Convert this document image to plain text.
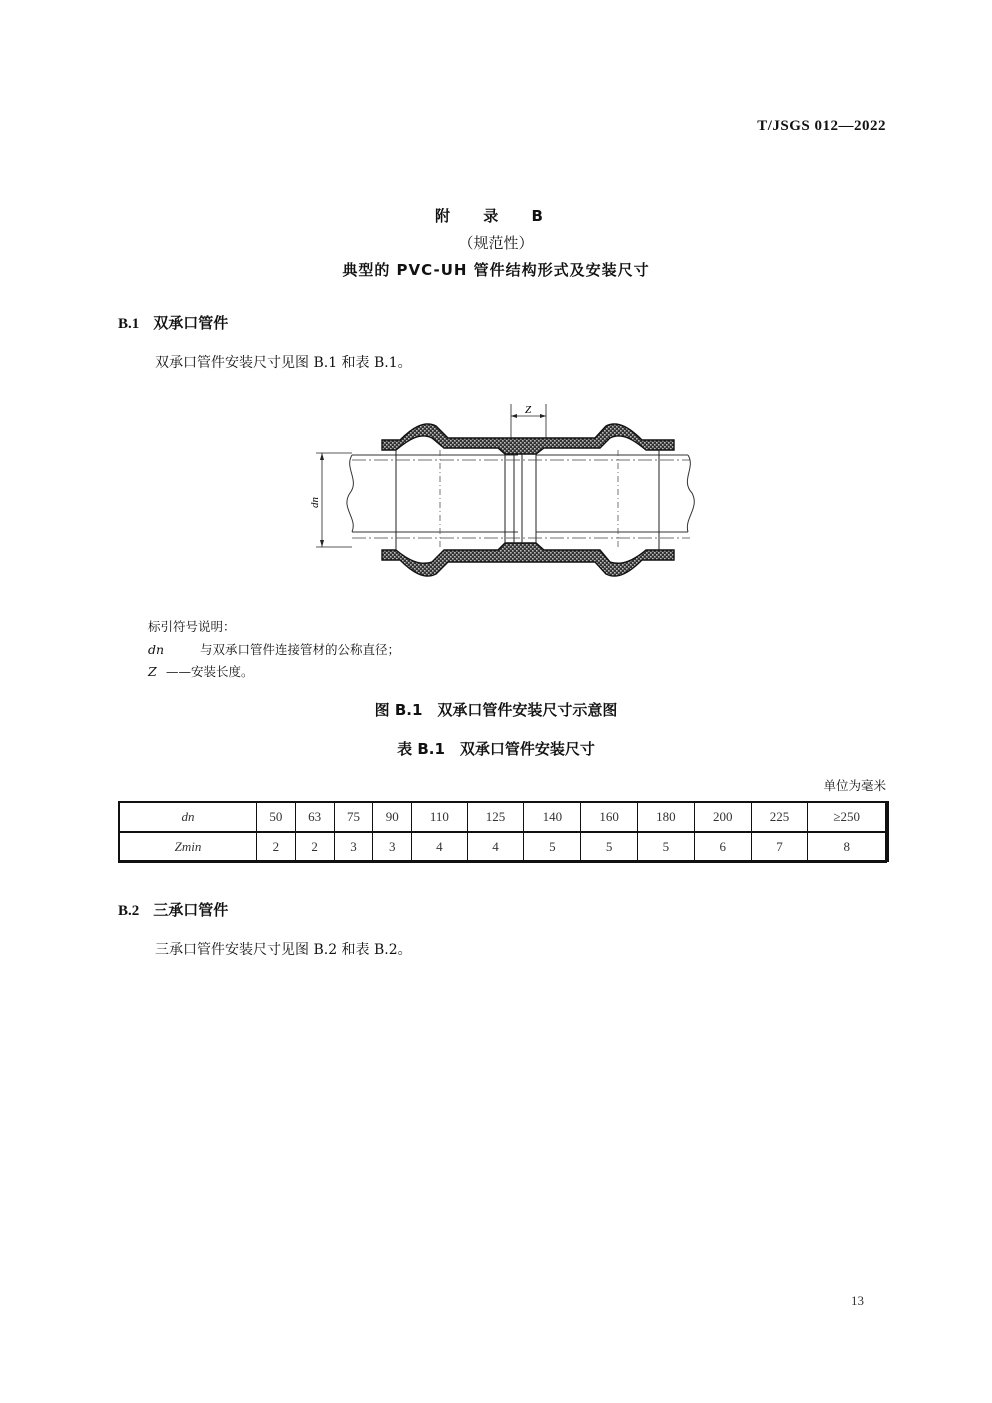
T/JSGS 012—2022
附 录 B
（规范性）
典型的 PVC-UH 管件结构形式及安装尺寸
B.1 双承口管件
双承口管件安装尺寸见图 B.1 和表 B.1。
Z
dn
标引符号说明：
dn	与双承口管件连接管材的公称直径；
Z ——安装长度。
图 B.1　双承口管件安装尺寸示意图
表 B.1　双承口管件安装尺寸
单位为毫米
dn	50	63	75	90	110	125	140	160	180	200	225	≥250
Zmin	2	2	3	3	4	4	5	5	5	6	7	8
B.2 三承口管件
三承口管件安装尺寸见图 B.2 和表 B.2。
13
